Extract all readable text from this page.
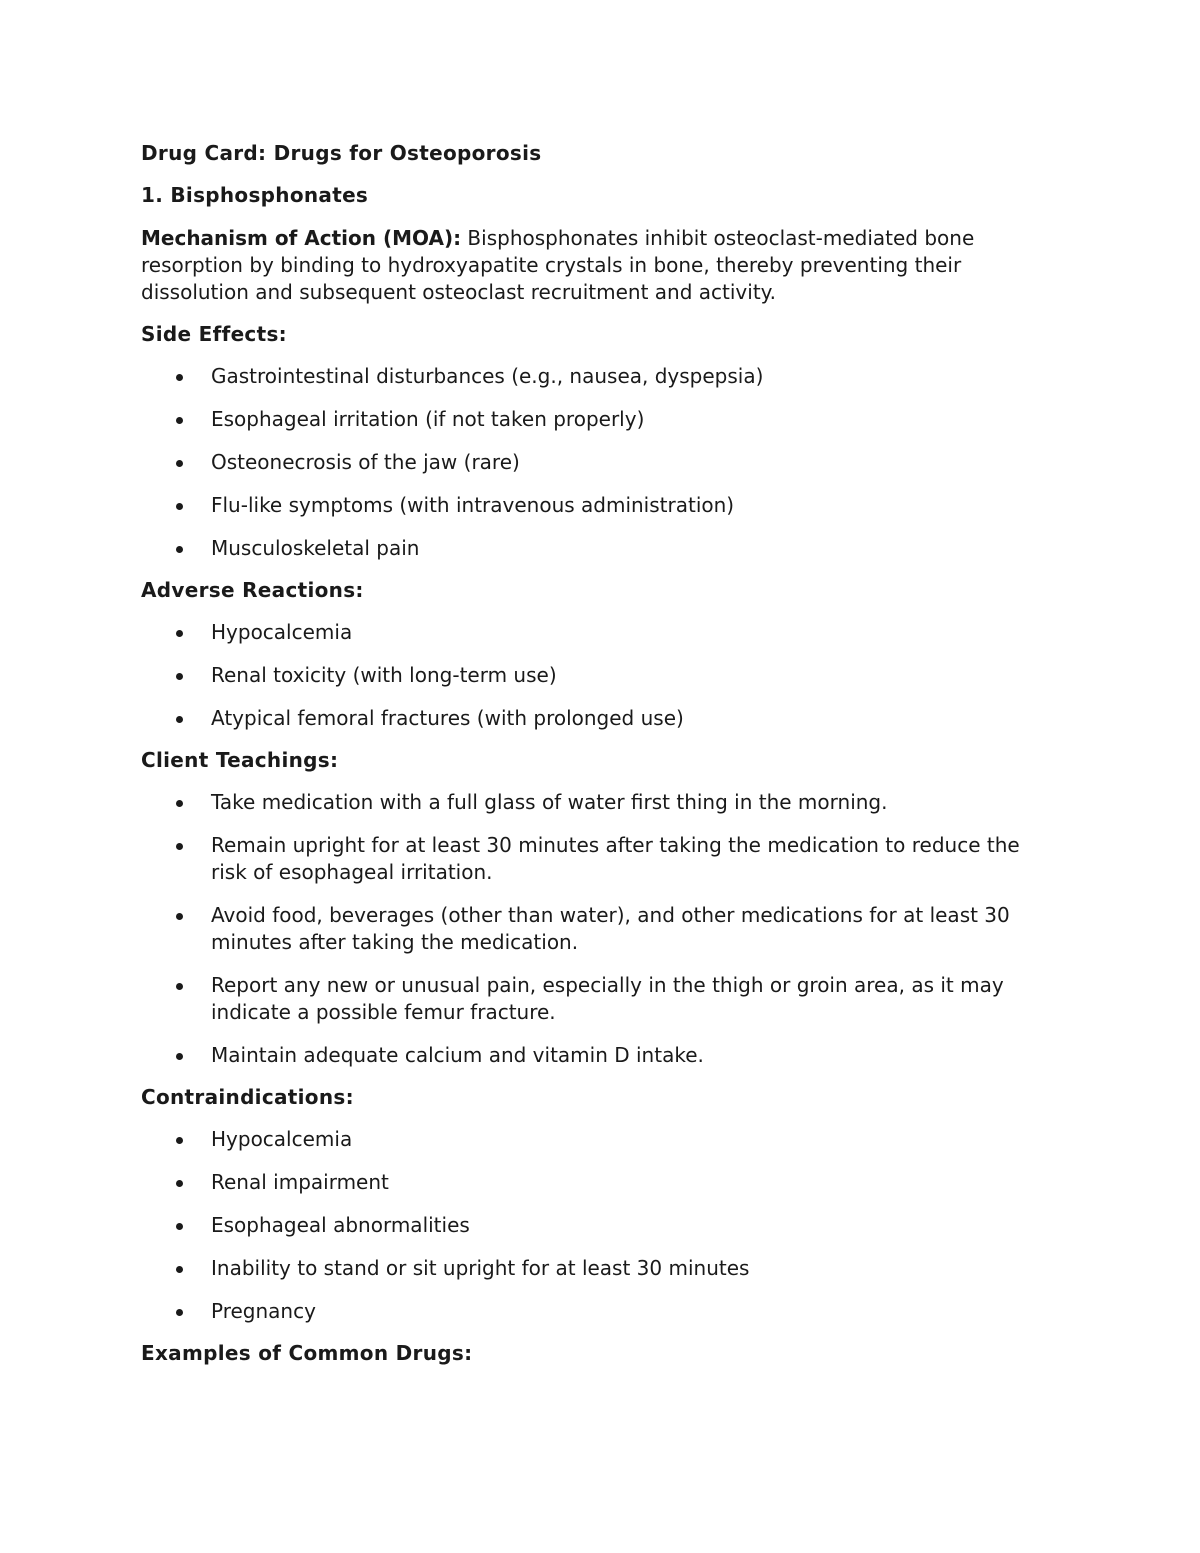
Drug Card: Drugs for Osteoporosis
1. Bisphosphonates

Mechanism of Action (MOA): Bisphosphonates inhibit osteoclast-mediated bone resorption by binding to hydroxyapatite crystals in bone, thereby preventing their dissolution and subsequent osteoclast recruitment and activity.

Side Effects:
Gastrointestinal disturbances (e.g., nausea, dyspepsia)
Esophageal irritation (if not taken properly)
Osteonecrosis of the jaw (rare)
Flu-like symptoms (with intravenous administration)
Musculoskeletal pain
Adverse Reactions:
Hypocalcemia
Renal toxicity (with long-term use)
Atypical femoral fractures (with prolonged use)
Client Teachings:
Take medication with a full glass of water first thing in the morning.
Remain upright for at least 30 minutes after taking the medication to reduce the risk of esophageal irritation.
Avoid food, beverages (other than water), and other medications for at least 30 minutes after taking the medication.
Report any new or unusual pain, especially in the thigh or groin area, as it may indicate a possible femur fracture.
Maintain adequate calcium and vitamin D intake.
Contraindications:
Hypocalcemia
Renal impairment
Esophageal abnormalities
Inability to stand or sit upright for at least 30 minutes
Pregnancy
Examples of Common Drugs:
